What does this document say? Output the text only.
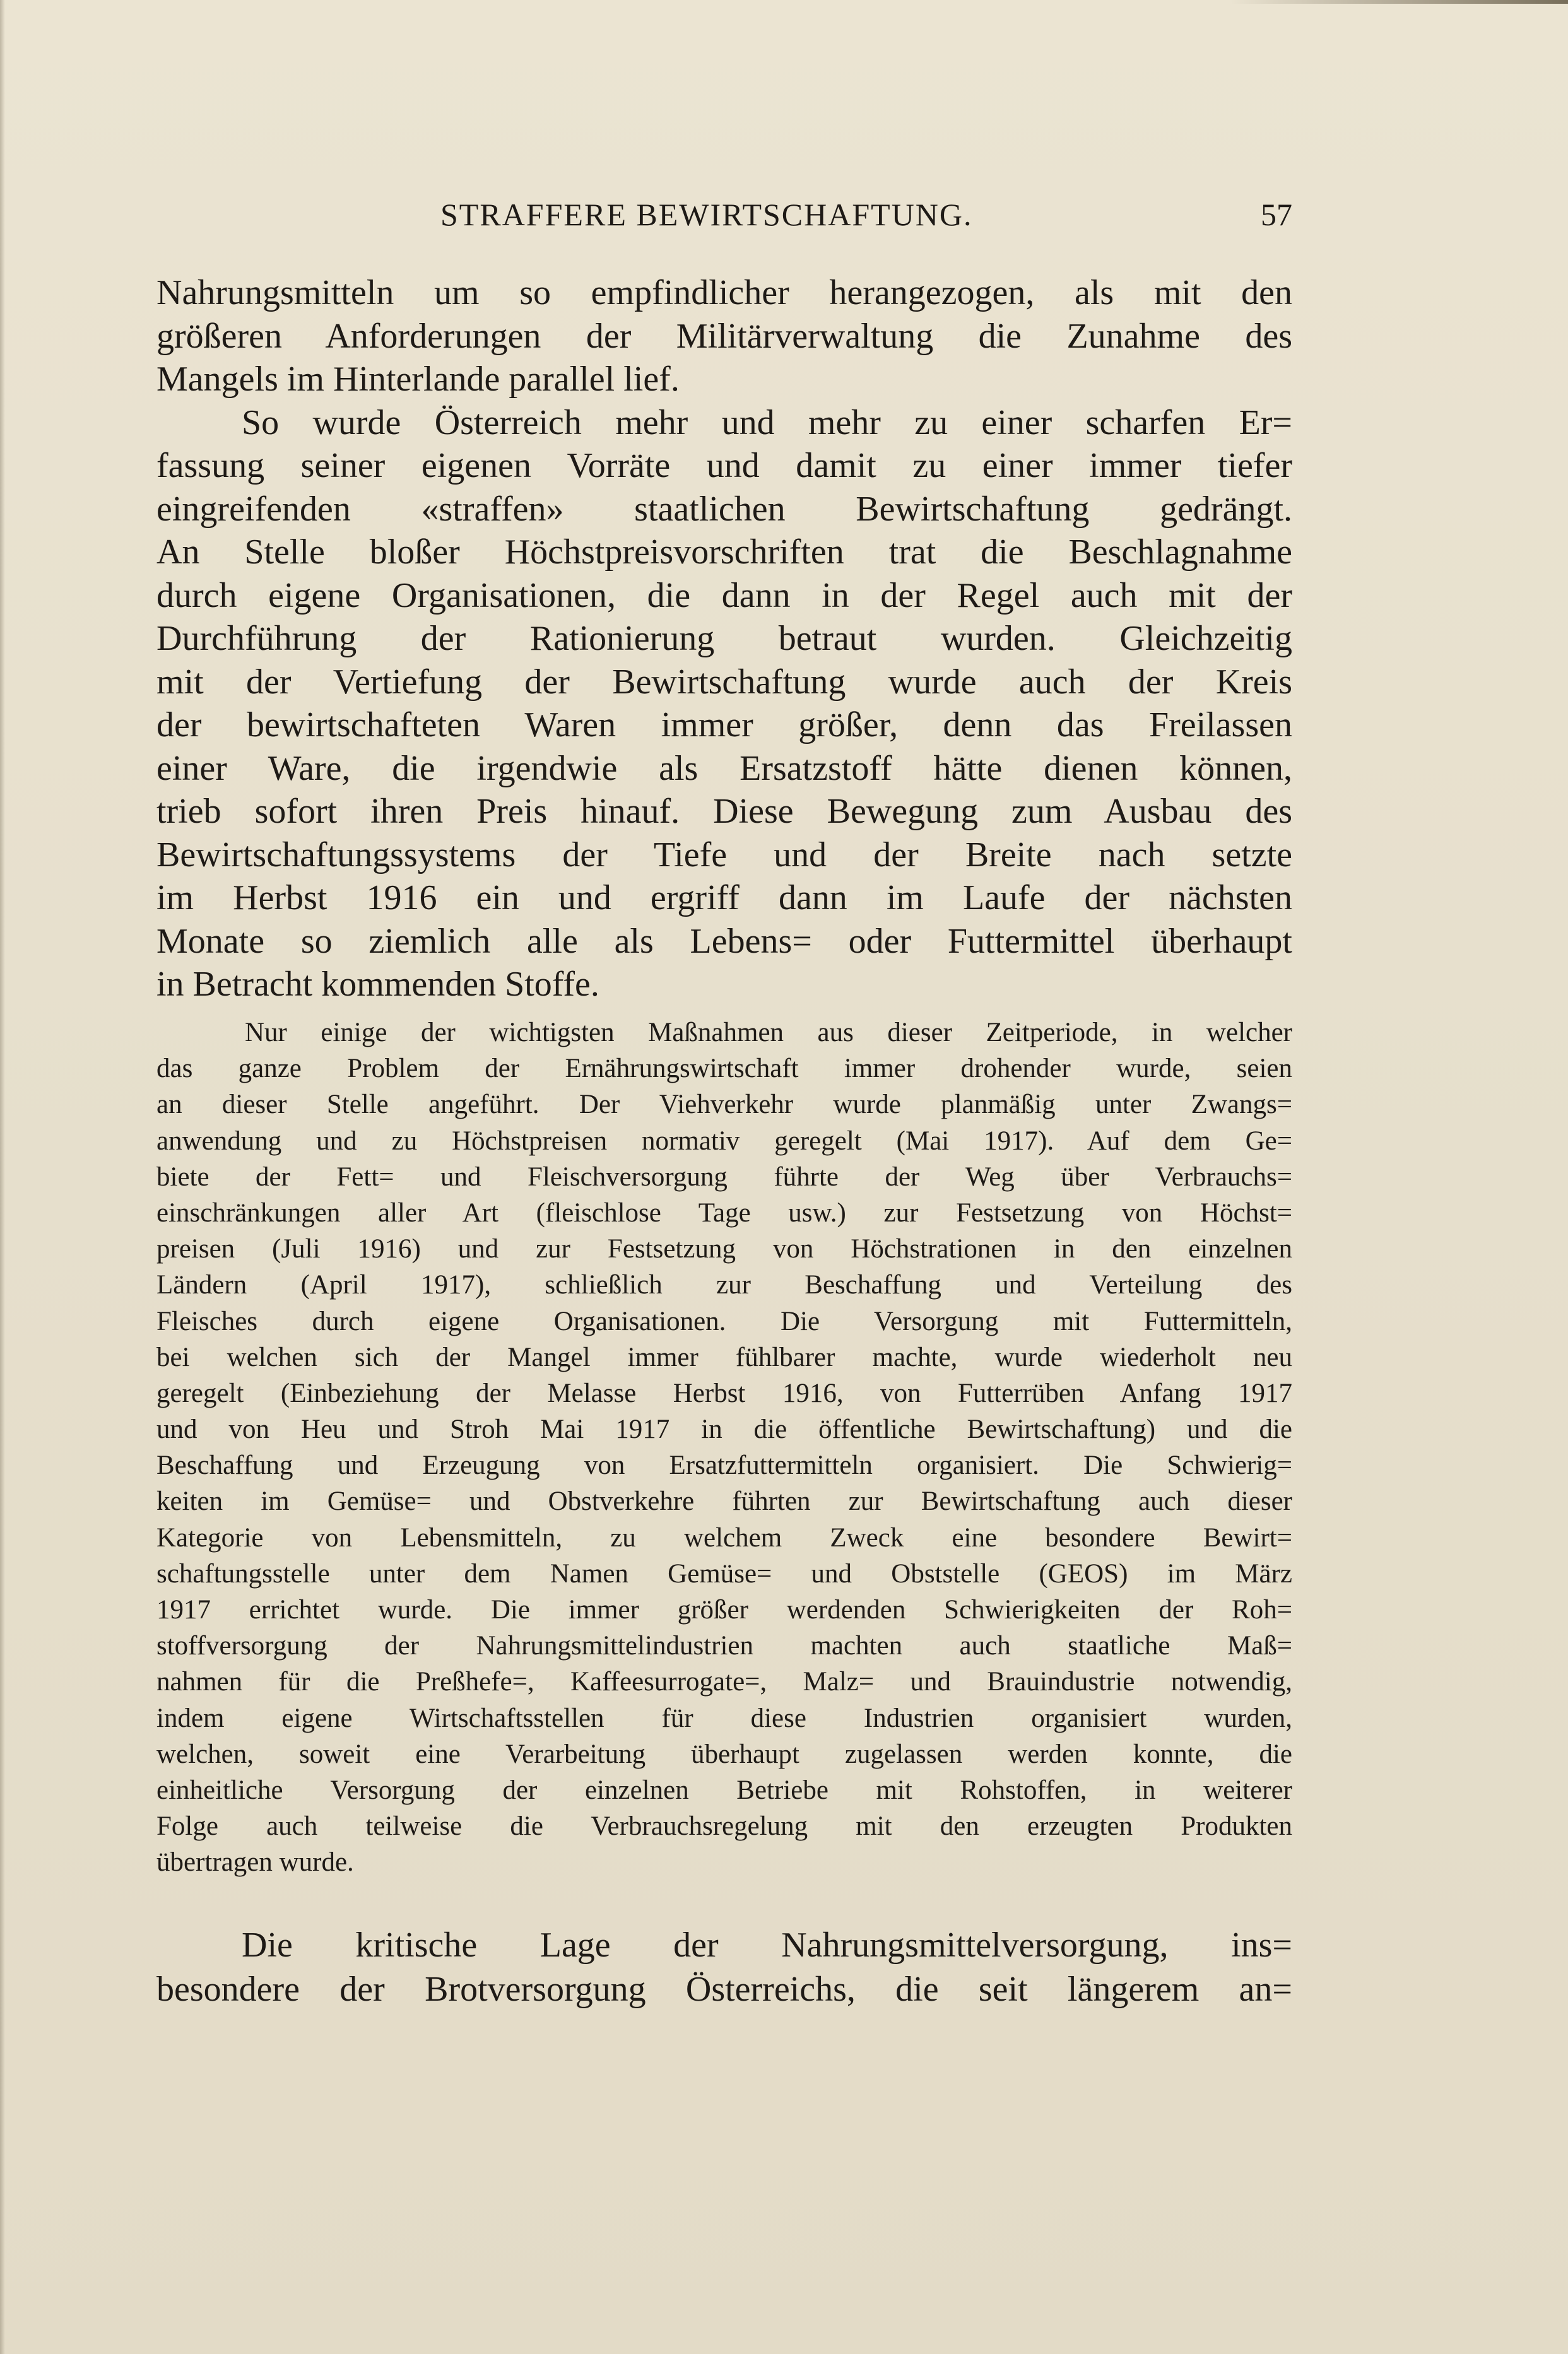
STRAFFERE BEWIRTSCHAFTUNG.	57
Nahrungsmitteln um so empfindlicher herangezogen, als mit den
größeren Anforderungen der Militärverwaltung die Zunahme des
Mangels im Hinterlande parallel lief.
So wurde Österreich mehr und mehr zu einer scharfen Er=
fassung seiner eigenen Vorräte und damit zu einer immer tiefer
eingreifenden «straffen» staatlichen Bewirtschaftung gedrängt.
An Stelle bloßer Höchstpreisvorschriften trat die Beschlagnahme
durch eigene Organisationen, die dann in der Regel auch mit der
Durchführung der Rationierung betraut wurden. Gleichzeitig
mit der Vertiefung der Bewirtschaftung wurde auch der Kreis
der bewirtschafteten Waren immer größer, denn das Freilassen
einer Ware, die irgendwie als Ersatzstoff hätte dienen können,
trieb sofort ihren Preis hinauf. Diese Bewegung zum Ausbau des
Bewirtschaftungssystems der Tiefe und der Breite nach setzte
im Herbst 1916 ein und ergriff dann im Laufe der nächsten
Monate so ziemlich alle als Lebens= oder Futtermittel überhaupt
in Betracht kommenden Stoffe.
Nur einige der wichtigsten Maßnahmen aus dieser Zeitperiode, in welcher
das ganze Problem der Ernährungswirtschaft immer drohender wurde, seien
an dieser Stelle angeführt. Der Viehverkehr wurde planmäßig unter Zwangs=
anwendung und zu Höchstpreisen normativ geregelt (Mai 1917). Auf dem Ge=
biete der Fett= und Fleischversorgung führte der Weg über Verbrauchs=
einschränkungen aller Art (fleischlose Tage usw.) zur Festsetzung von Höchst=
preisen (Juli 1916) und zur Festsetzung von Höchstrationen in den einzelnen
Ländern (April 1917), schließlich zur Beschaffung und Verteilung des
Fleisches durch eigene Organisationen. Die Versorgung mit Futtermitteln,
bei welchen sich der Mangel immer fühlbarer machte, wurde wiederholt neu
geregelt (Einbeziehung der Melasse Herbst 1916, von Futterrüben Anfang 1917
und von Heu und Stroh Mai 1917 in die öffentliche Bewirtschaftung) und die
Beschaffung und Erzeugung von Ersatzfuttermitteln organisiert. Die Schwierig=
keiten im Gemüse= und Obstverkehre führten zur Bewirtschaftung auch dieser
Kategorie von Lebensmitteln, zu welchem Zweck eine besondere Bewirt=
schaftungsstelle unter dem Namen Gemüse= und Obststelle (GEOS) im März
1917 errichtet wurde. Die immer größer werdenden Schwierigkeiten der Roh=
stoffversorgung der Nahrungsmittelindustrien machten auch staatliche Maß=
nahmen für die Preßhefe=, Kaffeesurrogate=, Malz= und Brauindustrie notwendig,
indem eigene Wirtschaftsstellen für diese Industrien organisiert wurden,
welchen, soweit eine Verarbeitung überhaupt zugelassen werden konnte, die
einheitliche Versorgung der einzelnen Betriebe mit Rohstoffen, in weiterer
Folge auch teilweise die Verbrauchsregelung mit den erzeugten Produkten
übertragen wurde.
Die kritische Lage der Nahrungsmittelversorgung, ins=
besondere der Brotversorgung Österreichs, die seit längerem an=
